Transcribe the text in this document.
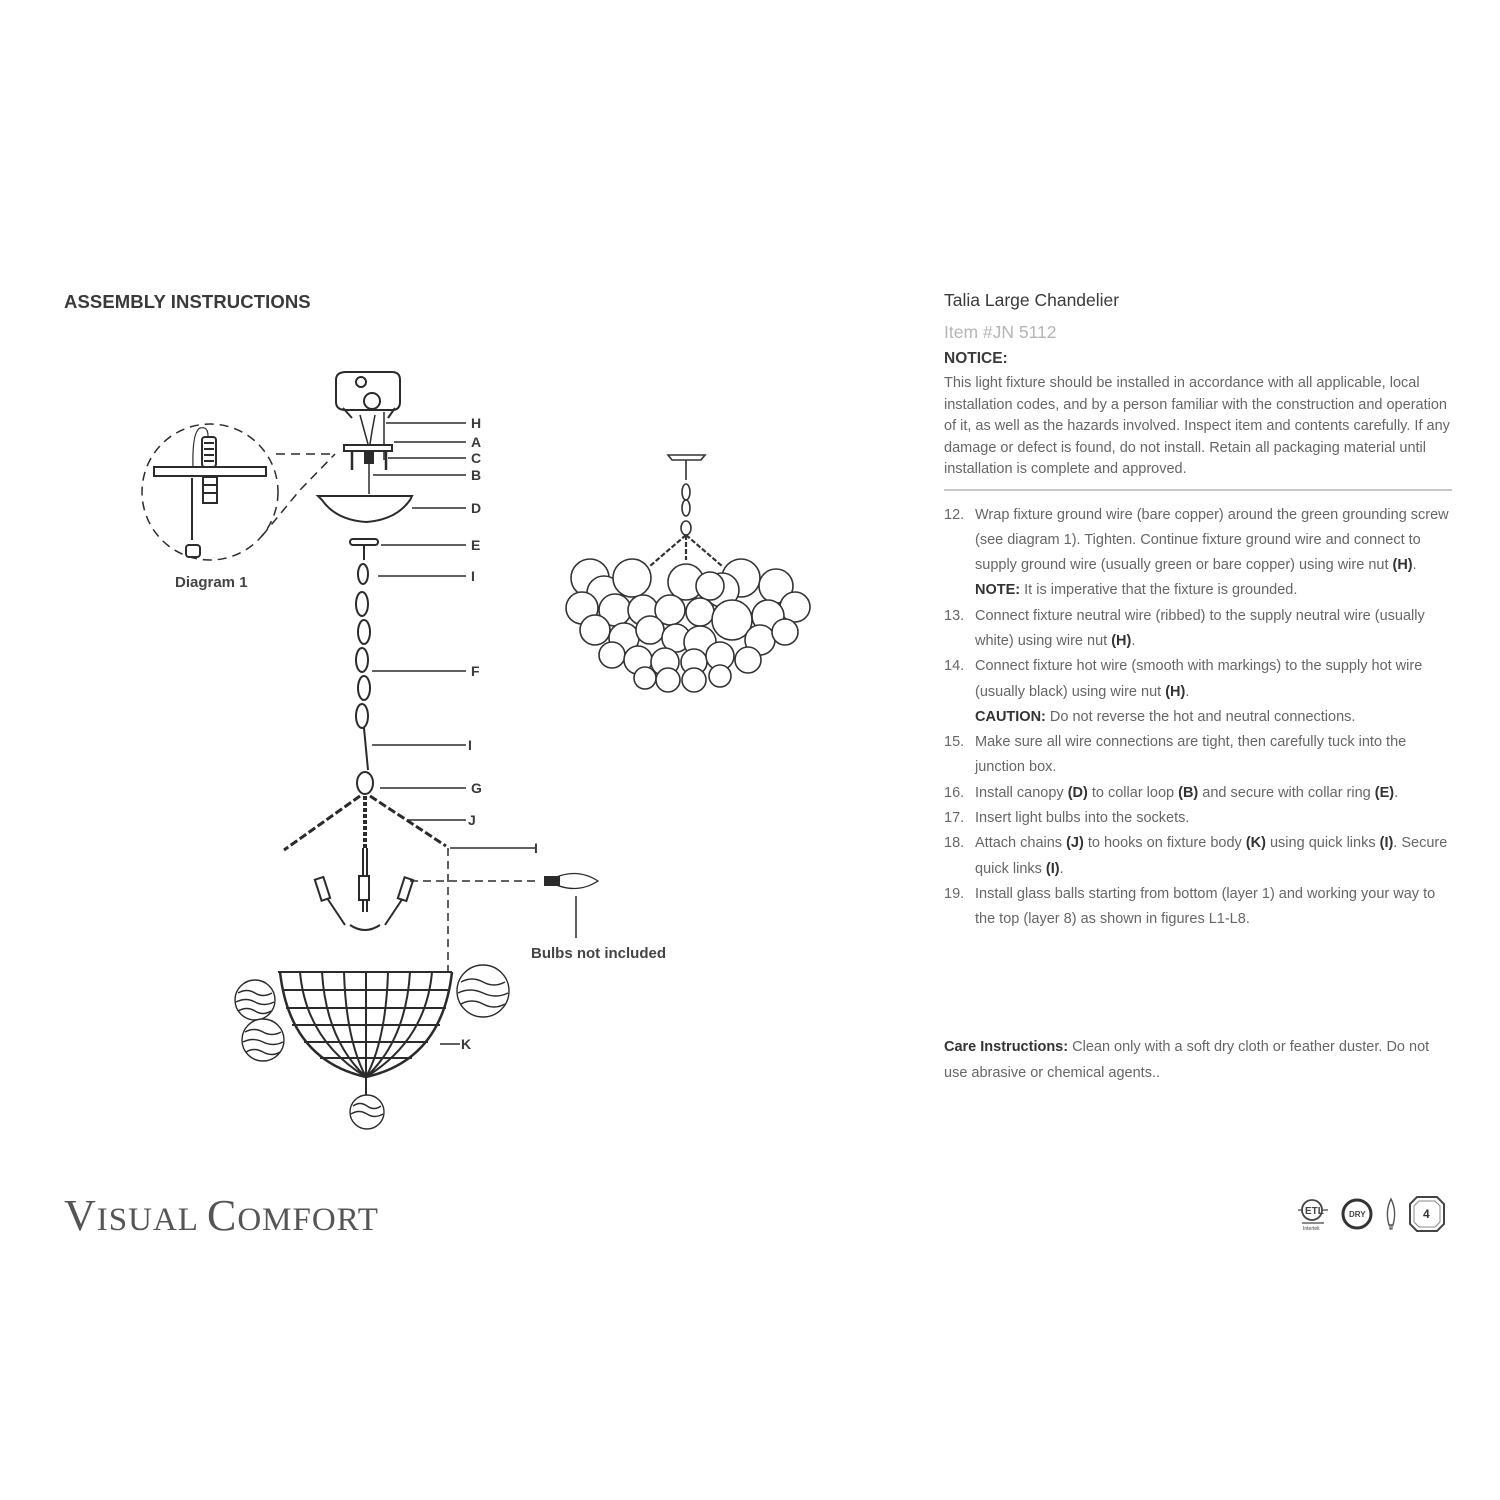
ASSEMBLY INSTRUCTIONS
H
A
C
B
D
E
I
F
I
G
J
I
K
Diagram 1
Bulbs not included
Talia Large Chandelier
Item #JN 5112
NOTICE:
This light fixture should be installed in accordance with all applicable, local installation codes, and by a person familiar with the construction and operation of it, as well as the hazards involved. Inspect item and contents carefully. If any damage or defect is found, do not install. Retain all packaging material until installation is complete and approved.
12. Wrap fixture ground wire (bare copper) around the green grounding screw (see diagram 1). Tighten. Continue fixture ground wire and connect to supply ground wire (usually green or bare copper) using wire nut (H).
NOTE: It is imperative that the fixture is grounded.
13. Connect fixture neutral wire (ribbed) to the supply neutral wire (usually white) using wire nut (H).
14. Connect fixture hot wire (smooth with markings) to the supply hot wire (usually black) using wire nut (H).
CAUTION: Do not reverse the hot and neutral connections.
15. Make sure all wire connections are tight, then carefully tuck into the junction box.
16. Install canopy (D) to collar loop (B) and secure with collar ring (E).
17. Insert light bulbs into the sockets.
18. Attach chains (J) to hooks on fixture body (K) using quick links (I). Secure quick links (I).
19. Install glass balls starting from bottom (layer 1) and working your way to the top (layer 8) as shown in figures L1-L8.
Care Instructions: Clean only with a soft dry cloth or feather duster. Do not use abrasive or chemical agents..
VISUAL COMFORT	ETL
Intertek
DRY	4
